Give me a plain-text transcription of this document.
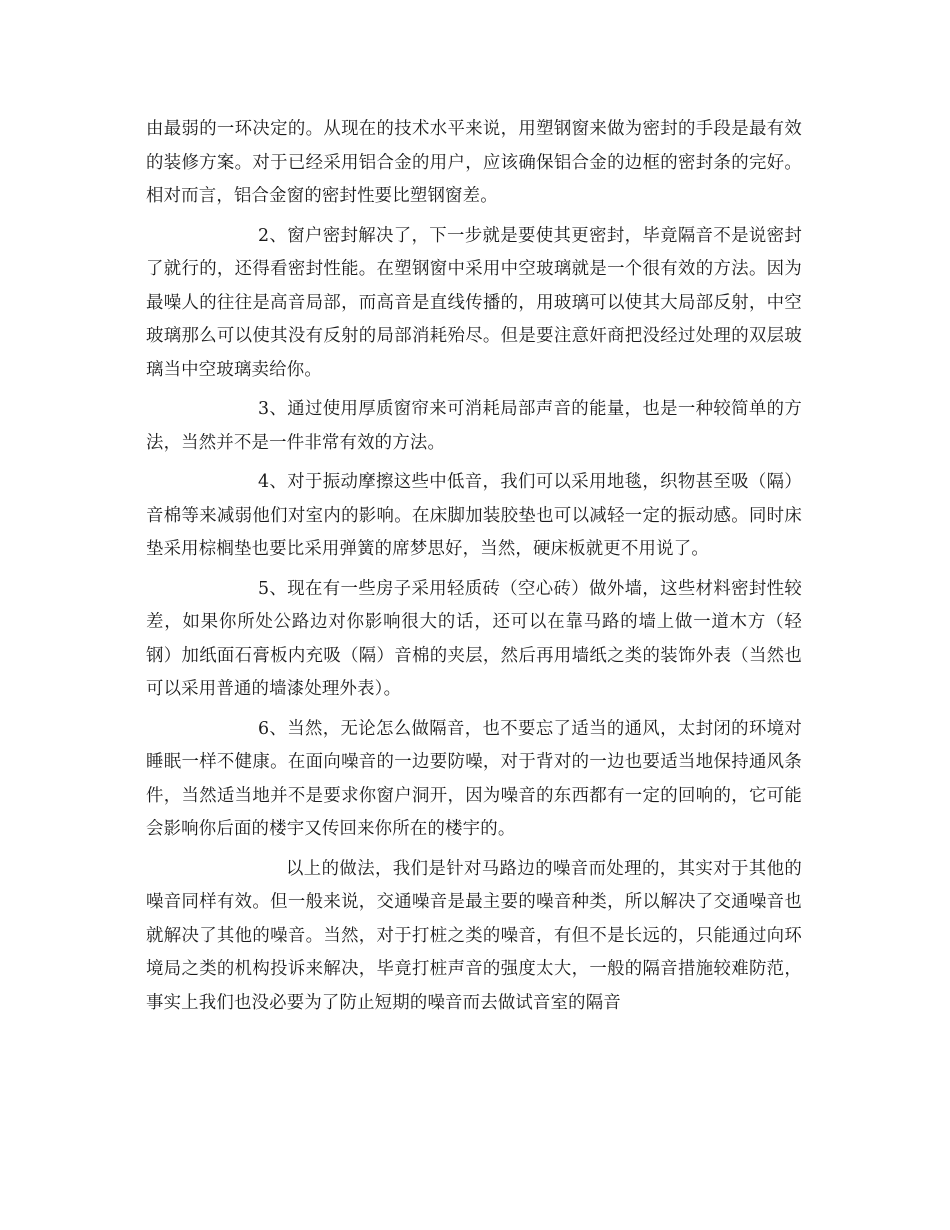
由最弱的一环决定的。从现在的技术水平来说，用塑钢窗来做为密封的手段是最有效的装修方案。对于已经采用铝合金的用户，应该确保铝合金的边框的密封条的完好。相对而言，铝合金窗的密封性要比塑钢窗差。

2、窗户密封解决了，下一步就是要使其更密封，毕竟隔音不是说密封了就行的，还得看密封性能。在塑钢窗中采用中空玻璃就是一个很有效的方法。因为最噪人的往往是高音局部，而高音是直线传播的，用玻璃可以使其大局部反射，中空玻璃那么可以使其没有反射的局部消耗殆尽。但是要注意奸商把没经过处理的双层玻璃当中空玻璃卖给你。

3、通过使用厚质窗帘来可消耗局部声音的能量，也是一种较简单的方法，当然并不是一件非常有效的方法。

4、对于振动摩擦这些中低音，我们可以采用地毯，织物甚至吸（隔）音棉等来减弱他们对室内的影响。在床脚加装胶垫也可以减轻一定的振动感。同时床垫采用棕榈垫也要比采用弹簧的席梦思好，当然，硬床板就更不用说了。

5、现在有一些房子采用轻质砖（空心砖）做外墙，这些材料密封性较差，如果你所处公路边对你影响很大的话，还可以在靠马路的墙上做一道木方（轻钢）加纸面石膏板内充吸（隔）音棉的夹层，然后再用墙纸之类的装饰外表（当然也可以采用普通的墙漆处理外表）。

6、当然，无论怎么做隔音，也不要忘了适当的通风，太封闭的环境对睡眠一样不健康。在面向噪音的一边要防噪，对于背对的一边也要适当地保持通风条件，当然适当地并不是要求你窗户洞开，因为噪音的东西都有一定的回响的，它可能会影响你后面的楼宇又传回来你所在的楼宇的。

以上的做法，我们是针对马路边的噪音而处理的，其实对于其他的噪音同样有效。但一般来说，交通噪音是最主要的噪音种类，所以解决了交通噪音也就解决了其他的噪音。当然，对于打桩之类的噪音，有但不是长远的，只能通过向环境局之类的机构投诉来解决，毕竟打桩声音的强度太大，一般的隔音措施较难防范，事实上我们也没必要为了防止短期的噪音而去做试音室的隔音
